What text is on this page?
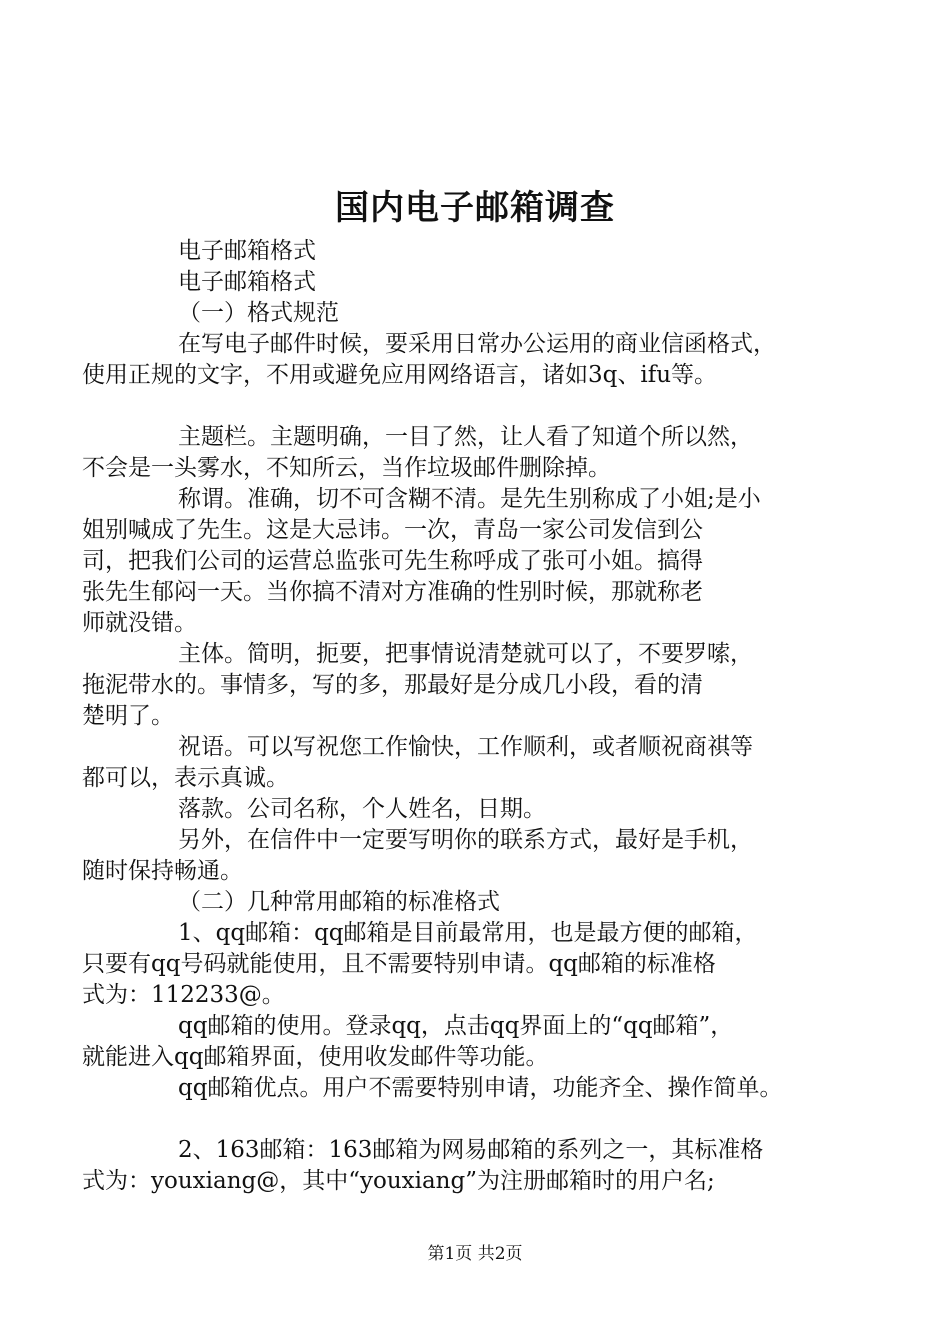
国内电子邮箱调查

电子邮箱格式

电子邮箱格式

（一）格式规范

在写电子邮件时候，要采用日常办公运用的商业信函格式，
使用正规的文字，不用或避免应用网络语言，诸如3q、ifu等。

主题栏。主题明确，一目了然，让人看了知道个所以然，
不会是一头雾水，不知所云，当作垃圾邮件删除掉。

称谓。准确，切不可含糊不清。是先生别称成了小姐;是小
姐别喊成了先生。这是大忌讳。一次，青岛一家公司发信到公
司，把我们公司的运营总监张可先生称呼成了张可小姐。搞得
张先生郁闷一天。当你搞不清对方准确的性别时候，那就称老
师就没错。

主体。简明，扼要，把事情说清楚就可以了，不要罗嗦，
拖泥带水的。事情多，写的多，那最好是分成几小段，看的清
楚明了。

祝语。可以写祝您工作愉快，工作顺利，或者顺祝商祺等
都可以，表示真诚。

落款。公司名称，个人姓名，日期。

另外，在信件中一定要写明你的联系方式，最好是手机，
随时保持畅通。

（二）几种常用邮箱的标准格式

1、qq邮箱：qq邮箱是目前最常用，也是最方便的邮箱，
只要有qq号码就能使用，且不需要特别申请。qq邮箱的标准格
式为：112233@。

qq邮箱的使用。登录qq，点击qq界面上的“qq邮箱”，
就能进入qq邮箱界面，使用收发邮件等功能。

qq邮箱优点。用户不需要特别申请，功能齐全、操作简单。

2、163邮箱：163邮箱为网易邮箱的系列之一，其标准格
式为：youxiang@，其中“youxiang”为注册邮箱时的用户名;

第1页 共2页
